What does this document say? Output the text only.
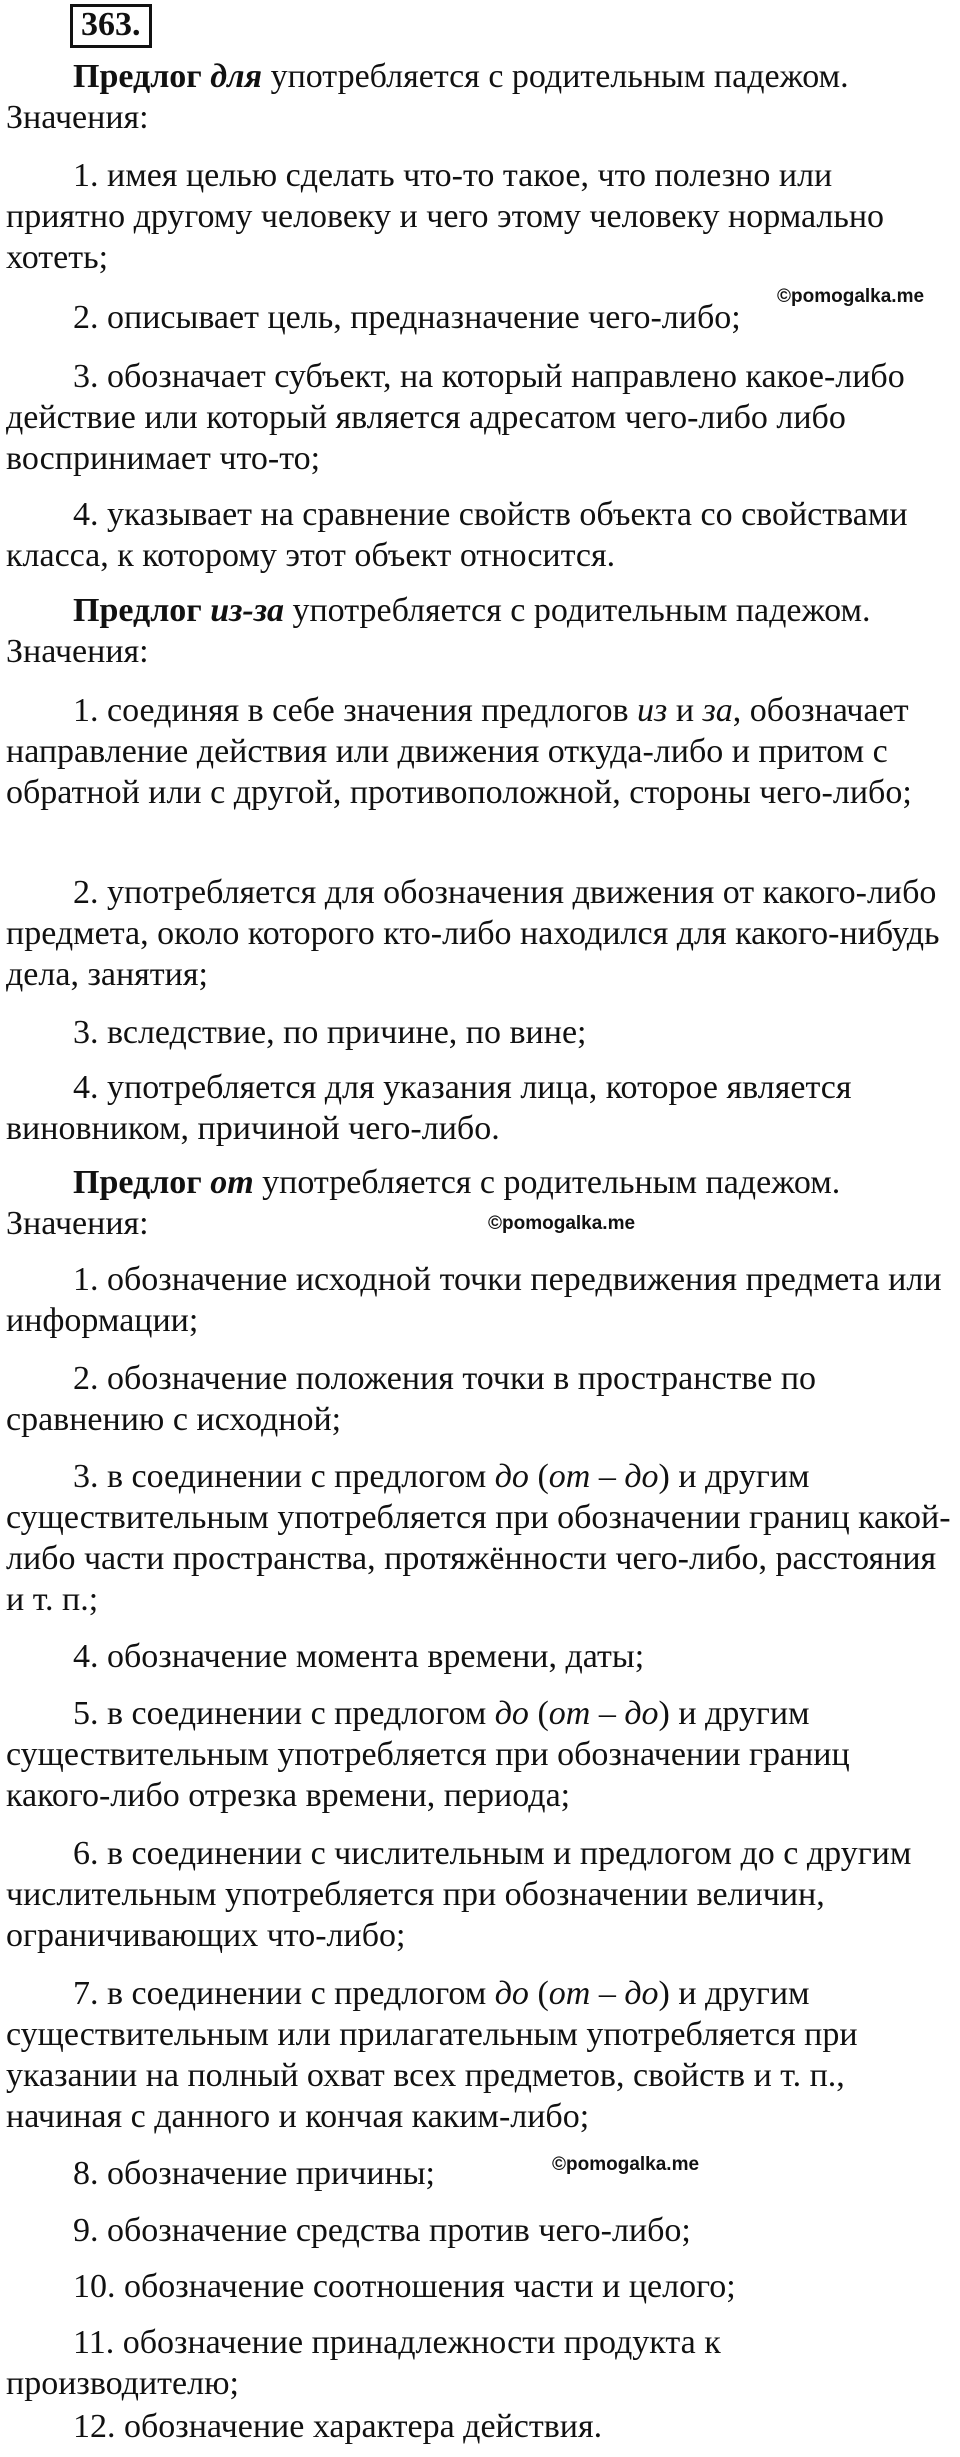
363.

Предлог для употребляется с родительным падежом. Значения:

1. имея целью сделать что-то такое, что полезно или приятно другому человеку и чего этому человеку нормально хотеть;

©pomogalka.me

2. описывает цель, предназначение чего-либо;

3. обозначает субъект, на который направлено какое-либо действие или который является адресатом чего-либо либо воспринимает что-то;

4. указывает на сравнение свойств объекта со свойствами класса, к которому этот объект относится.

Предлог из-за употребляется с родительным падежом. Значения:

1. соединяя в себе значения предлогов из и за, обозначает направление действия или движения откуда-либо и притом с обратной или с другой, противоположной, стороны чего-либо;

2. употребляется для обозначения движения от какого-либо предмета, около которого кто-либо находился для какого-нибудь дела, занятия;

3. вследствие, по причине, по вине;

4. употребляется для указания лица, которое является виновником, причиной чего-либо.

Предлог от употребляется с родительным падежом. Значения:	©pomogalka.me

1. обозначение исходной точки передвижения предмета или информации;

2. обозначение положения точки в пространстве по сравнению с исходной;

3. в соединении с предлогом до (от – до) и другим существительным употребляется при обозначении границ какой-либо части пространства, протяжённости чего-либо, расстояния и т. п.;

4. обозначение момента времени, даты;

5. в соединении с предлогом до (от – до) и другим существительным употребляется при обозначении границ какого-либо отрезка времени, периода;

6. в соединении с числительным и предлогом до с другим числительным употребляется при обозначении величин, ограничивающих что-либо;

7. в соединении с предлогом до (от – до) и другим существительным или прилагательным употребляется при указании на полный охват всех предметов, свойств и т. п., начиная с данного и кончая каким-либо;

©pomogalka.me

8. обозначение причины;

9. обозначение средства против чего-либо;

10. обозначение соотношения части и целого;

11. обозначение принадлежности продукта к производителю;

12. обозначение характера действия.
